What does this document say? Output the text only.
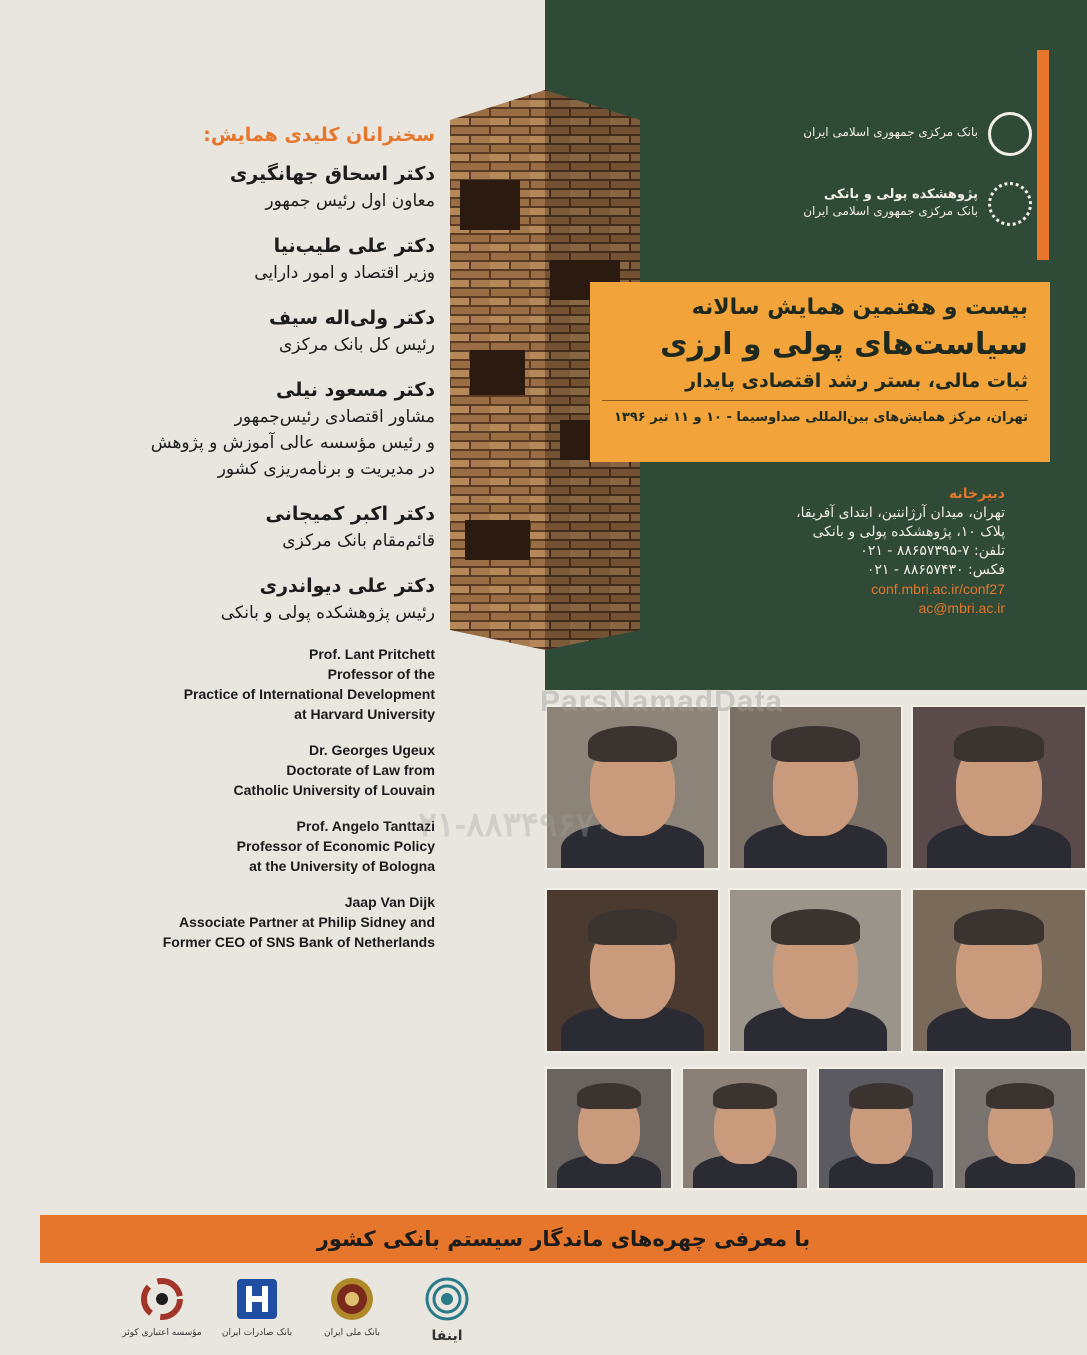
سخنرانان کلیدی همایش:
دکتر اسحاق جهانگیری
معاون اول رئیس جمهور
دکتر علی طیب‌نیا
وزیر اقتصاد و امور دارایی
دکتر ولی‌اله سیف
رئیس کل بانک مرکزی
دکتر مسعود نیلی
مشاور اقتصادی رئیس‌جمهور
و رئیس مؤسسه عالی آموزش و پژوهش
در مدیریت و برنامه‌ریزی کشور
دکتر اکبر کمیجانی
قائم‌مقام بانک مرکزی
دکتر علی دیواندری
رئیس پژوهشکده پولی و بانکی
Prof. Lant Pritchett
Professor of the
Practice of International Development
at Harvard University
Dr. Georges Ugeux
Doctorate of Law from
Catholic University of Louvain
Prof. Angelo Tanttazi
Professor of Economic Policy
at the University of Bologna
Jaap Van Dijk
Associate Partner at Philip Sidney and
Former CEO of SNS Bank of Netherlands
بانک مرکزی جمهوری اسلامی ایران
پژوهشکده پولی و بانکی
بانک مرکزی جمهوری اسلامی ایران
دبیرخانه
تهران، میدان آرژانتین، ابتدای آفریقا،
پلاک ۱۰، پژوهشکده پولی و بانکی
تلفن: ۷-۸۸۶۵۷۳۹۵ - ۰۲۱
فکس: ۸۸۶۵۷۴۳۰ - ۰۲۱
conf.mbri.ac.ir/conf27
ac@mbri.ac.ir
بیست و هفتمین همایش سالانه
سیاست‌های پولی و ارزی
ثبات مالی، بستر رشد اقتصادی پایدار
تهران، مرکز همایش‌های بین‌المللی صداوسیما - ۱۰ و ۱۱ تیر ۱۳۹۶
ParsNamadData
۰۲۱-۸۸۳۴۹۶۷۰
با معرفی چهره‌های ماندگار سیستم بانکی کشور
مؤسسه اعتباری کوثر	بانک صادرات ایران	بانک ملی ایران	اینفا
